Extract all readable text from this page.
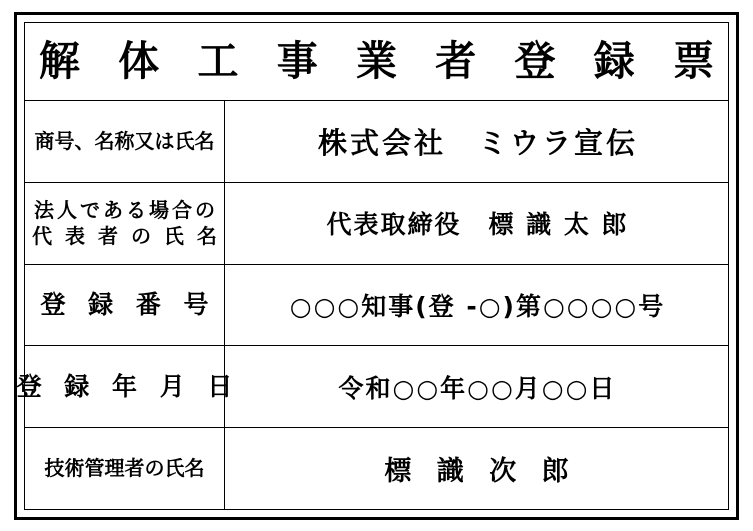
解 体 工 事 業 者 登 録 票
商号、名称又は氏名	株式会社　ミウラ宣伝
法人である場合の
代 表 者 の 氏 名	代表取締役　標 識 太 郎
登 録 番 号	○○○知事(登 -○)第○○○○号
登 録 年 月 日	令和○○年○○月○○日
技術管理者の氏名	標 識 次 郎
